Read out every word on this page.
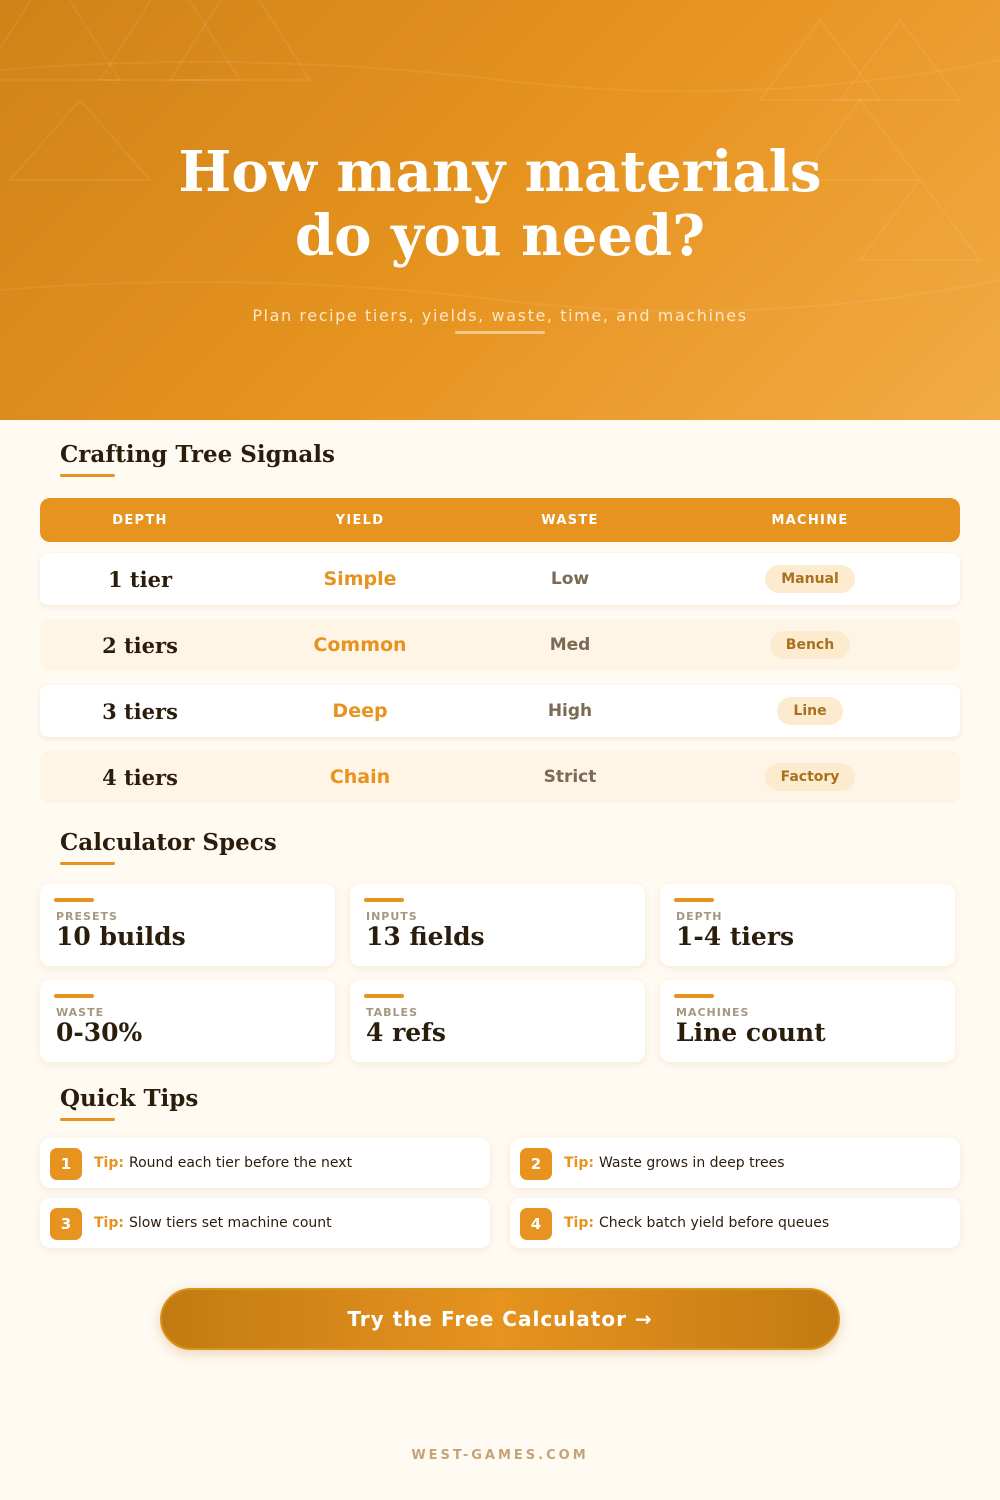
How many materials
do you need?
Plan recipe tiers, yields, waste, time, and machines
Crafting Tree Signals
DEPTH	YIELD	WASTE	MACHINE
1 tier	Simple	Low	Manual
2 tiers	Common	Med	Bench
3 tiers	Deep	High	Line
4 tiers	Chain	Strict	Factory
Calculator Specs
PRESETS
10 builds
INPUTS
13 fields
DEPTH
1-4 tiers
WASTE
0-30%
TABLES
4 refs
MACHINES
Line count
Quick Tips
1	Tip: Round each tier before the next	2	Tip: Waste grows in deep trees
3	Tip: Slow tiers set machine count	4	Tip: Check batch yield before queues
Try the Free Calculator →
WEST-GAMES.COM
